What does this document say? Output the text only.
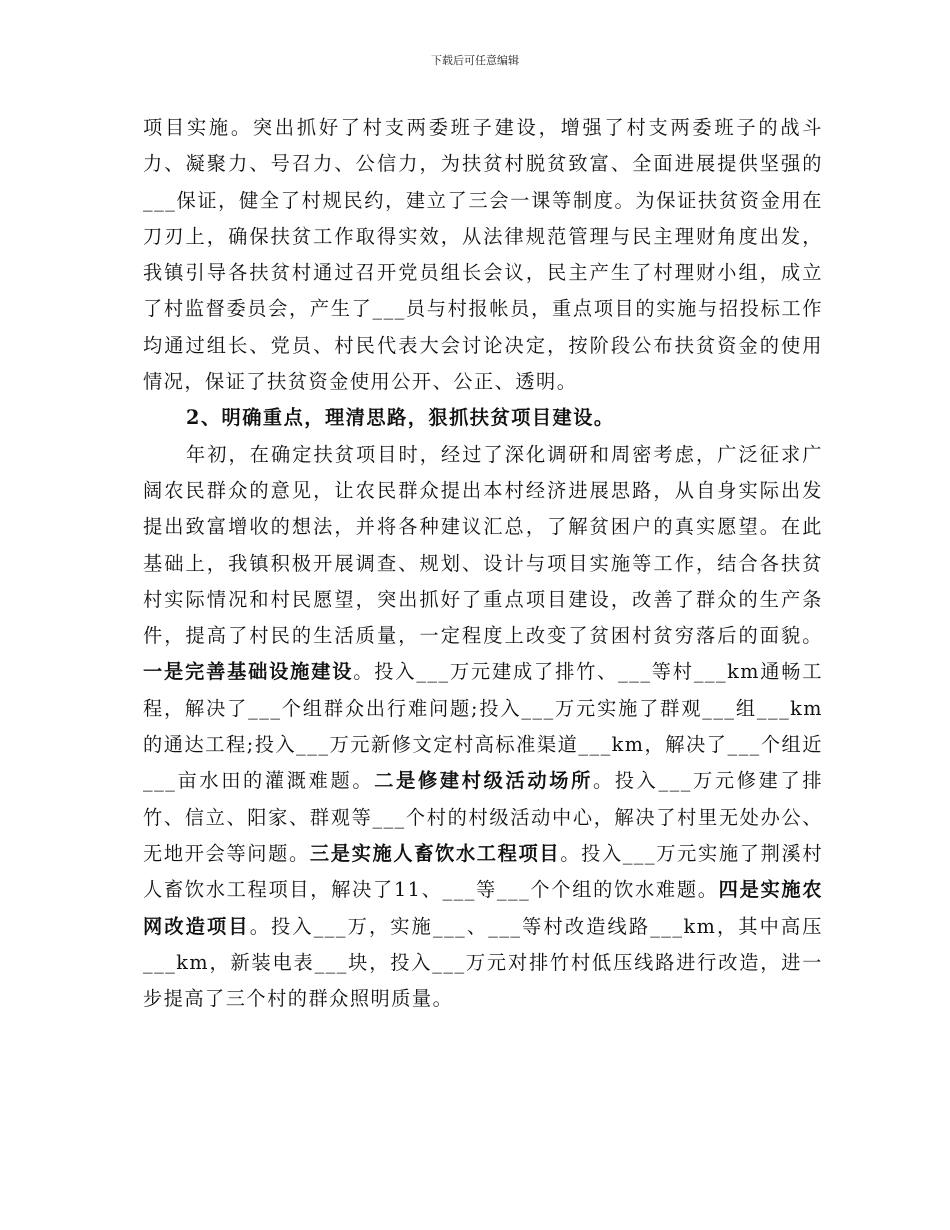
下载后可任意编辑

项目实施。突出抓好了村支两委班子建设，增强了村支两委班子的战斗力、凝聚力、号召力、公信力，为扶贫村脱贫致富、全面进展提供坚强的___保证，健全了村规民约，建立了三会一课等制度。为保证扶贫资金用在刀刃上，确保扶贫工作取得实效，从法律规范管理与民主理财角度出发，我镇引导各扶贫村通过召开党员组长会议，民主产生了村理财小组，成立了村监督委员会，产生了___员与村报帐员，重点项目的实施与招投标工作均通过组长、党员、村民代表大会讨论决定，按阶段公布扶贫资金的使用情况，保证了扶贫资金使用公开、公正、透明。

2、明确重点，理清思路，狠抓扶贫项目建设。

年初，在确定扶贫项目时，经过了深化调研和周密考虑，广泛征求广阔农民群众的意见，让农民群众提出本村经济进展思路，从自身实际出发提出致富增收的想法，并将各种建议汇总，了解贫困户的真实愿望。在此基础上，我镇积极开展调查、规划、设计与项目实施等工作，结合各扶贫村实际情况和村民愿望，突出抓好了重点项目建设，改善了群众的生产条件，提高了村民的生活质量，一定程度上改变了贫困村贫穷落后的面貌。一是完善基础设施建设。投入___万元建成了排竹、___等村___km通畅工程，解决了___个组群众出行难问题;投入___万元实施了群观___组___km的通达工程;投入___万元新修文定村高标准渠道___km，解决了___个组近___亩水田的灌溉难题。二是修建村级活动场所。投入___万元修建了排竹、信立、阳家、群观等___个村的村级活动中心，解决了村里无处办公、无地开会等问题。三是实施人畜饮水工程项目。投入___万元实施了荆溪村人畜饮水工程项目，解决了11、___等___个个组的饮水难题。四是实施农网改造项目。投入___万，实施___、___等村改造线路___km，其中高压___km，新装电表___块，投入___万元对排竹村低压线路进行改造，进一步提高了三个村的群众照明质量。
